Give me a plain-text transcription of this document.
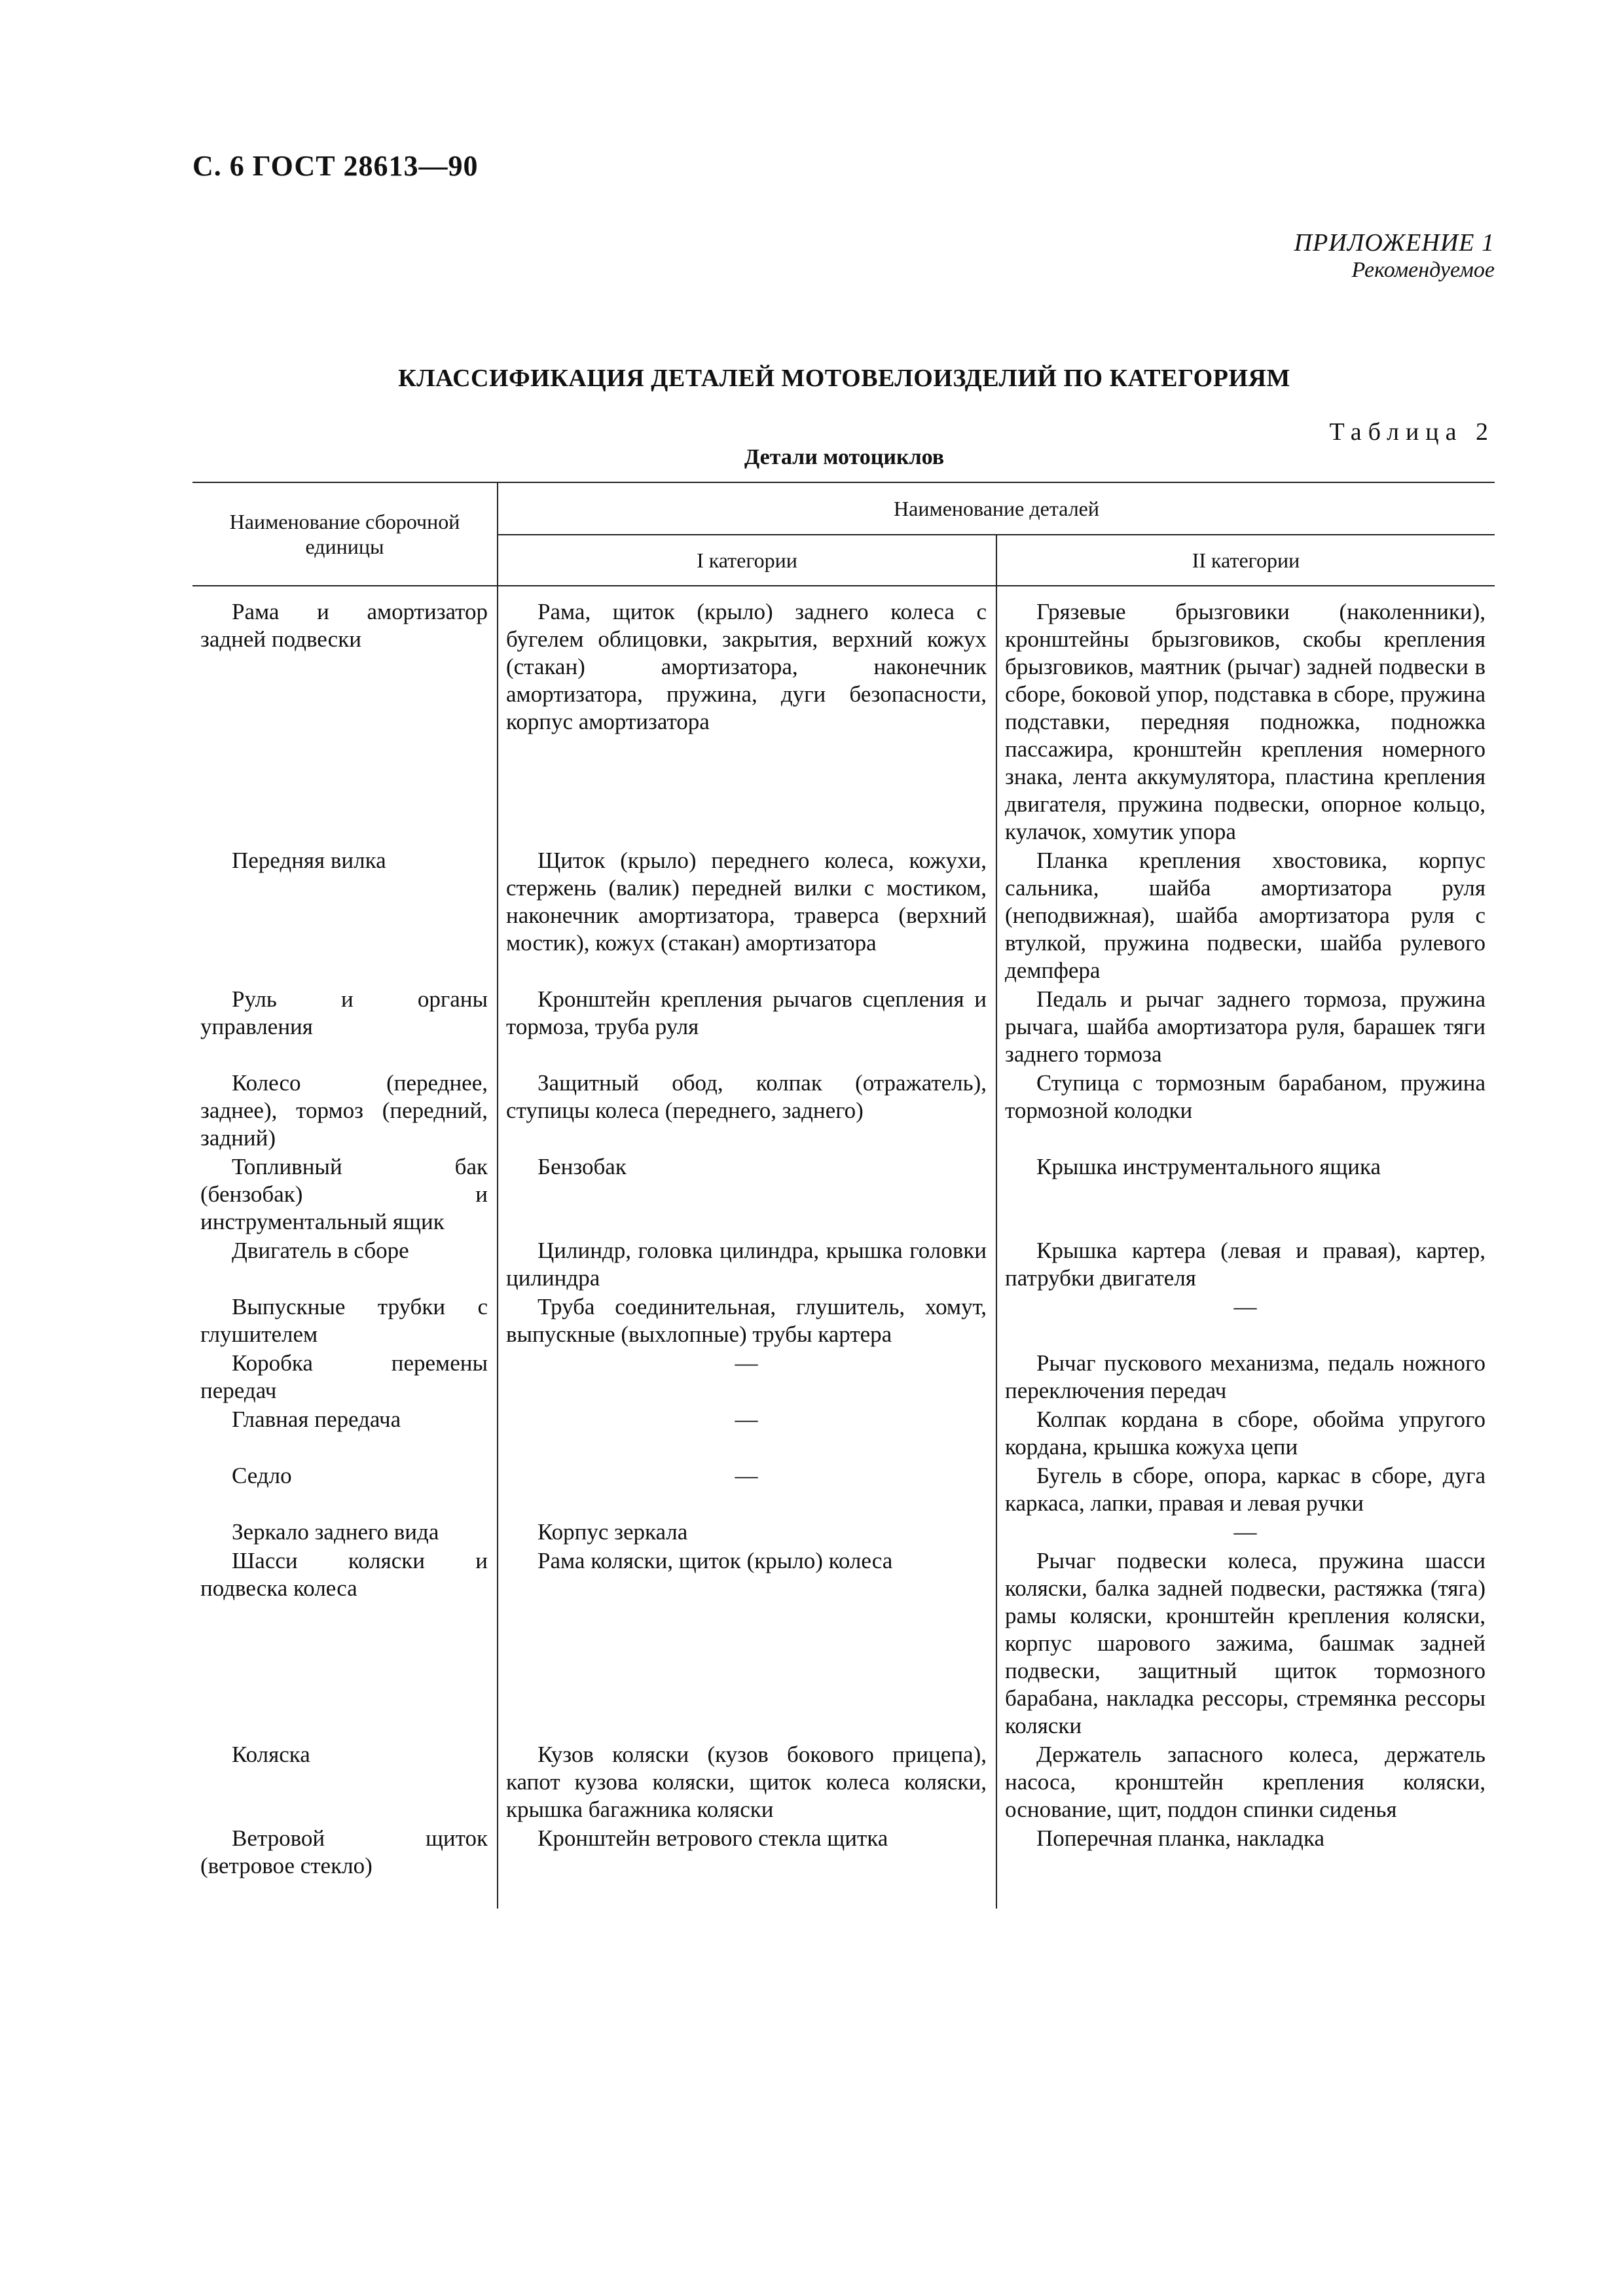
С. 6 ГОСТ 28613—90
ПРИЛОЖЕНИЕ 1
Рекомендуемое
КЛАССИФИКАЦИЯ ДЕТАЛЕЙ МОТОВЕЛОИЗДЕЛИЙ ПО КАТЕГОРИЯМ
Таблица 2
Детали мотоциклов
Наименование сборочной единицы	Наименование деталей	
	I категории	II категории
Рама и амортизатор задней подвески	Рама, щиток (крыло) заднего колеса с бугелем облицовки, закрытия, верхний кожух (стакан) амортизатора, наконечник амортизатора, пружина, дуги безопасности, корпус амортизатора	Грязевые брызговики (наколенники), кронштейны брызговиков, скобы крепления брызговиков, маятник (рычаг) задней подвески в сборе, боковой упор, подставка в сборе, пружина подставки, передняя подножка, подножка пассажира, кронштейн крепления номерного знака, лента аккумулятора, пластина крепления двигателя, пружина подвески, опорное кольцо, кулачок, хомутик упора
Передняя вилка	Щиток (крыло) переднего колеса, кожухи, стержень (валик) передней вилки с мостиком, наконечник амортизатора, траверса (верхний мостик), кожух (стакан) амортизатора	Планка крепления хвостовика, корпус сальника, шайба амортизатора руля (неподвижная), шайба амортизатора руля с втулкой, пружина подвески, шайба рулевого демпфера
Руль и органы управления	Кронштейн крепления рычагов сцепления и тормоза, труба руля	Педаль и рычаг заднего тормоза, пружина рычага, шайба амортизатора руля, барашек тяги заднего тормоза
Колесо (переднее, заднее), тормоз (передний, задний)	Защитный обод, колпак (отражатель), ступицы колеса (переднего, заднего)	Ступица с тормозным барабаном, пружина тормозной колодки
Топливный бак (бензобак) и инструментальный ящик	Бензобак	Крышка инструментального ящика
Двигатель в сборе	Цилиндр, головка цилиндра, крышка головки цилиндра	Крышка картера (левая и правая), картер, патрубки двигателя
Выпускные трубки с глушителем	Труба соединительная, глушитель, хомут, выпускные (выхлопные) трубы картера	—
Коробка перемены передач	—	Рычаг пускового механизма, педаль ножного переключения передач
Главная передача	—	Колпак кордана в сборе, обойма упругого кордана, крышка кожуха цепи
Седло	—	Бугель в сборе, опора, каркас в сборе, дуга каркаса, лапки, правая и левая ручки
Зеркало заднего вида	Корпус зеркала	—
Шасси коляски и подвеска колеса	Рама коляски, щиток (крыло) колеса	Рычаг подвески колеса, пружина шасси коляски, балка задней подвески, растяжка (тяга) рамы коляски, кронштейн крепления коляски, корпус шарового зажима, башмак задней подвески, защитный щиток тормозного барабана, накладка рессоры, стремянка рессоры коляски
Коляска	Кузов коляски (кузов бокового прицепа), капот кузова коляски, щиток колеса коляски, крышка багажника коляски	Держатель запасного колеса, держатель насоса, кронштейн крепления коляски, основание, щит, поддон спинки сиденья
Ветровой щиток (ветровое стекло)	Кронштейн ветрового стекла щитка	Поперечная планка, накладка
